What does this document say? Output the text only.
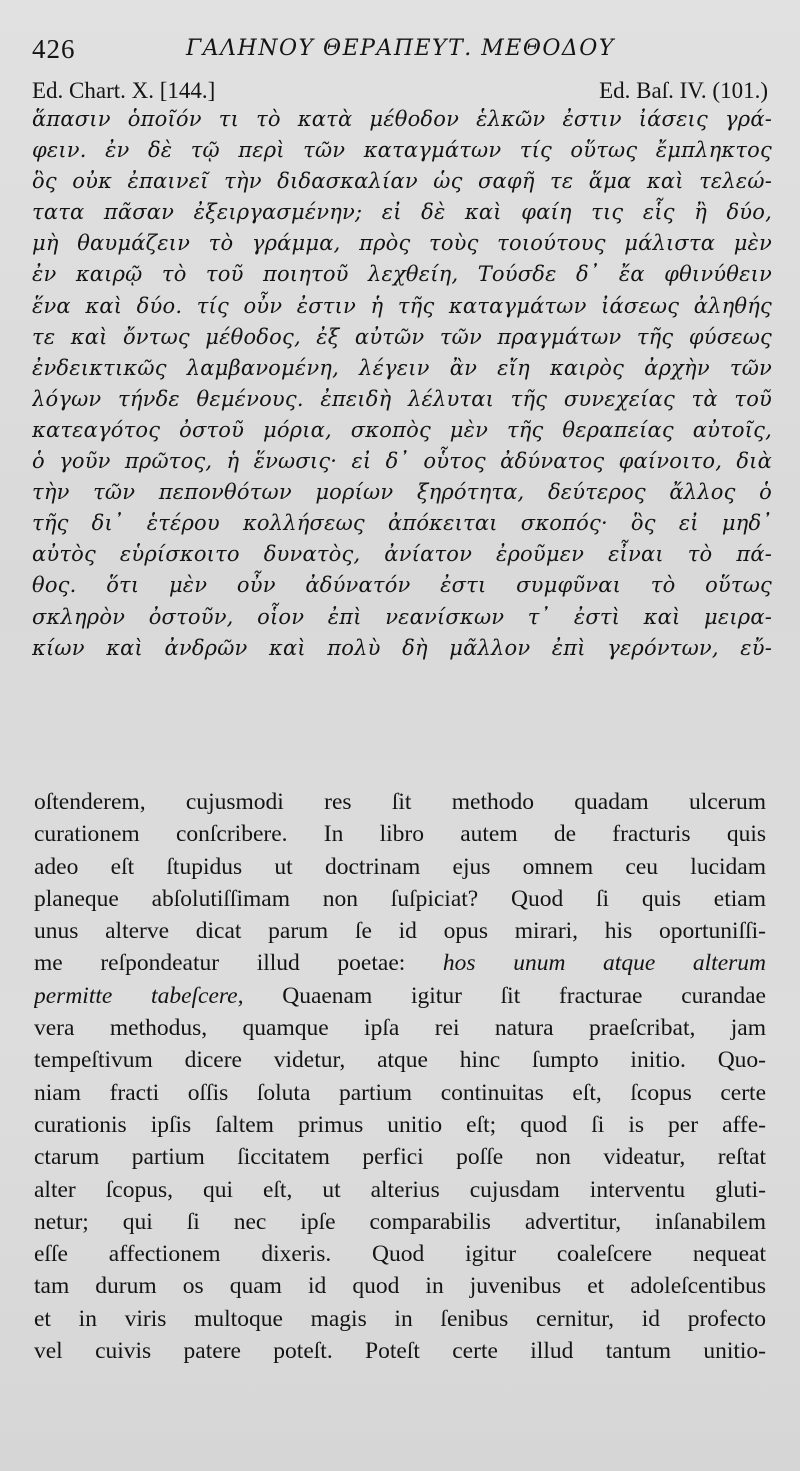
426	ΓΑΛΗΝΟΥ ΘΕΡΑΠΕΥΤ. ΜΕΘΟΔΟΥ
Ed. Chart. X. [144.]	Ed. Baſ. IV. (101.)
ἅπασιν ὁποῖόν τι τὸ κατὰ μέθοδον ἑλκῶν ἐστιν ἰάσεις γρά-
φειν. ἐν δὲ τῷ περὶ τῶν καταγμάτων τίς οὕτως ἔμπληκτος
ὃς οὐκ ἐπαινεῖ τὴν διδασκαλίαν ὡς σαφῆ τε ἅμα καὶ τελεώ-
τατα πᾶσαν ἐξειργασμένην; εἰ δὲ καὶ φαίη τις εἷς ἢ δύο,
μὴ θαυμάζειν τὸ γράμμα, πρὸς τοὺς τοιούτους μάλιστα μὲν
ἐν καιρῷ τὸ τοῦ ποιητοῦ λεχθείη, Τούσδε δ᾽ ἔα φθινύθειν
ἕνα καὶ δύο. τίς οὖν ἐστιν ἡ τῆς καταγμάτων ἰάσεως ἀληθής
τε καὶ ὄντως μέθοδος, ἐξ αὐτῶν τῶν πραγμάτων τῆς φύσεως
ἐνδεικτικῶς λαμβανομένη, λέγειν ἂν εἴη καιρὸς ἀρχὴν τῶν
λόγων τήνδε θεμένους. ἐπειδὴ λέλυται τῆς συνεχείας τὰ τοῦ
κατεαγότος ὀστοῦ μόρια, σκοπὸς μὲν τῆς θεραπείας αὐτοῖς,
ὁ γοῦν πρῶτος, ἡ ἕνωσις· εἰ δ᾽ οὗτος ἀδύνατος φαίνοιτο, διὰ
τὴν τῶν πεπονθότων μορίων ξηρότητα, δεύτερος ἄλλος ὁ
τῆς δι᾽ ἑτέρου κολλήσεως ἀπόκειται σκοπός· ὃς εἰ μηδ᾽
αὐτὸς εὑρίσκοιτο δυνατὸς, ἀνίατον ἐροῦμεν εἶναι τὸ πά-
θος. ὅτι μὲν οὖν ἀδύνατόν ἐστι συμφῦναι τὸ οὕτως
σκληρὸν ὀστοῦν, οἷον ἐπὶ νεανίσκων τ᾽ ἐστὶ καὶ μειρα-
κίων καὶ ἀνδρῶν καὶ πολὺ δὴ μᾶλλον ἐπὶ γερόντων, εὔ-
oſtenderem, cujusmodi res ſit methodo quadam ulcerum
curationem conſcribere. In libro autem de fracturis quis
adeo eſt ſtupidus ut doctrinam ejus omnem ceu lucidam
planeque abſolutiſſimam non ſuſpiciat? Quod ſi quis etiam
unus alterve dicat parum ſe id opus mirari, his oportuniſſi-
me reſpondeatur illud poetae: hos unum atque alterum
permitte tabeſcere, Quaenam igitur ſit fracturae curandae
vera methodus, quamque ipſa rei natura praeſcribat, jam
tempeſtivum dicere videtur, atque hinc ſumpto initio. Quo-
niam fracti oſſis ſoluta partium continuitas eſt, ſcopus certe
curationis ipſis ſaltem primus unitio eſt; quod ſi is per affe-
ctarum partium ſiccitatem perfici poſſe non videatur, reſtat
alter ſcopus, qui eſt, ut alterius cujusdam interventu gluti-
netur; qui ſi nec ipſe comparabilis advertitur, inſanabilem
eſſe affectionem dixeris. Quod igitur coaleſcere nequeat
tam durum os quam id quod in juvenibus et adoleſcentibus
et in viris multoque magis in ſenibus cernitur, id profecto
vel cuivis patere poteſt. Poteſt certe illud tantum unitio-
